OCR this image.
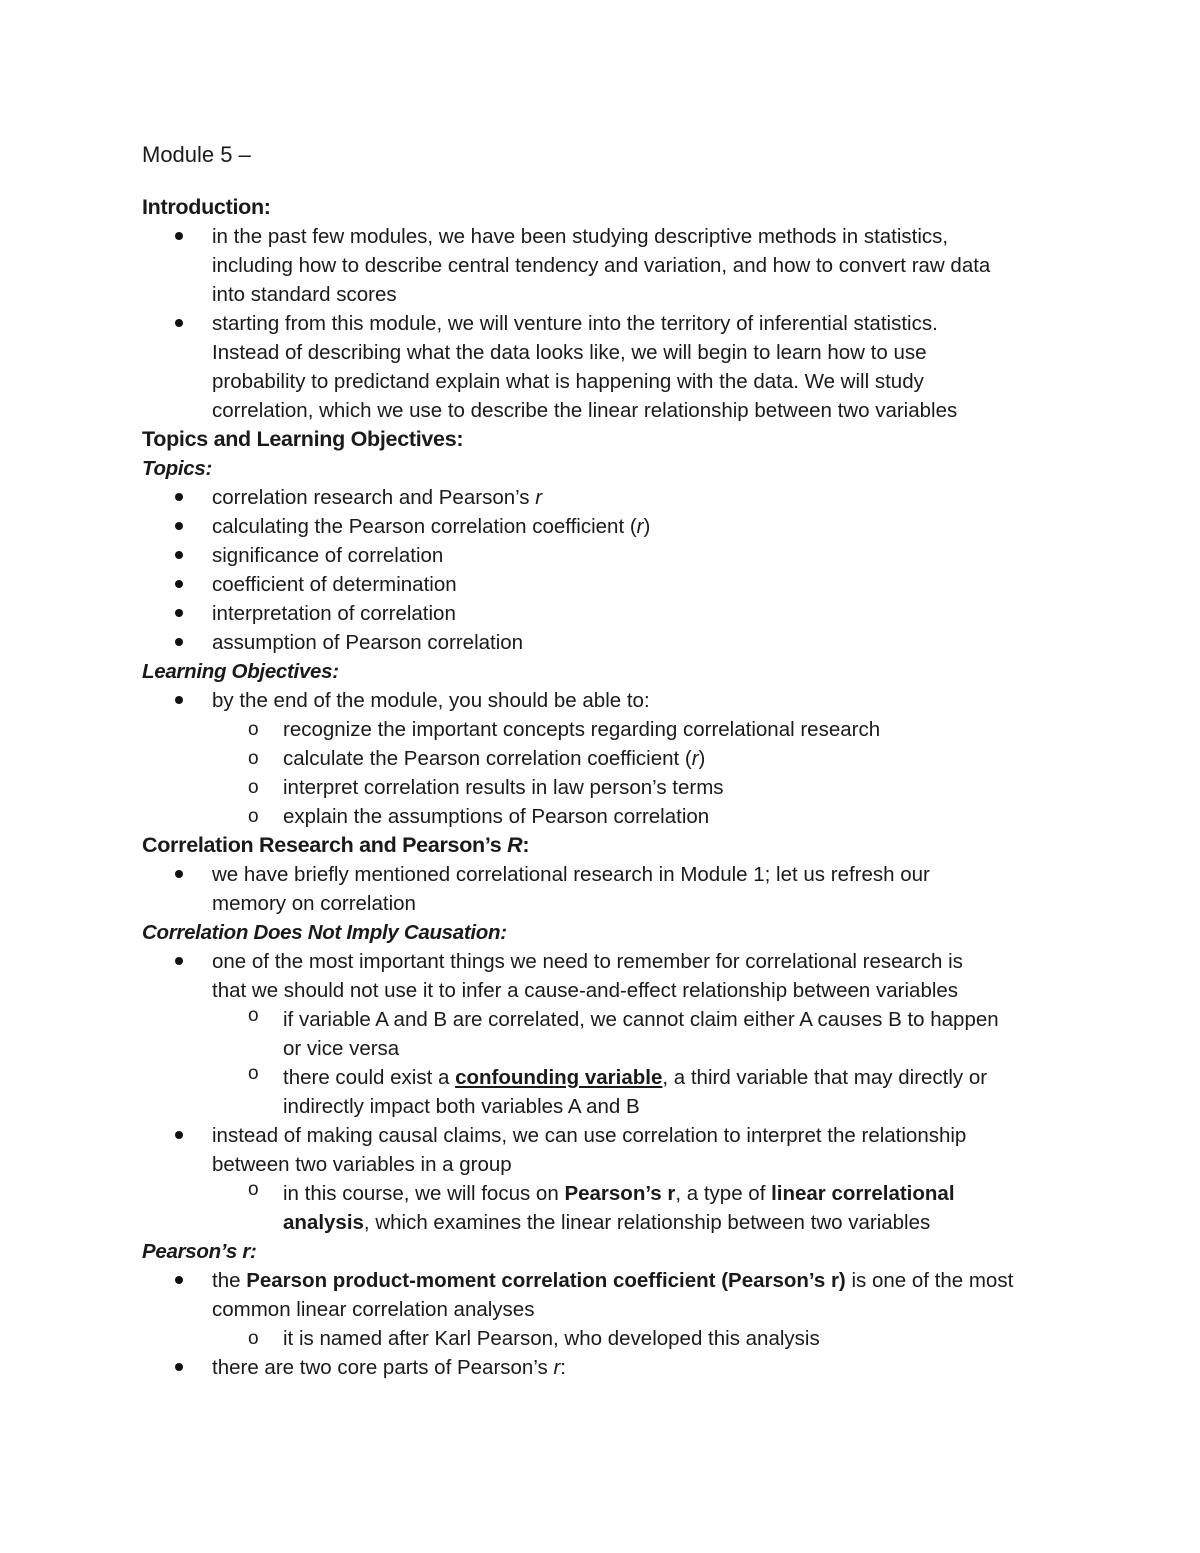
Module 5 –
Introduction:
in the past few modules, we have been studying descriptive methods in statistics,
including how to describe central tendency and variation, and how to convert raw data
into standard scores
starting from this module, we will venture into the territory of inferential statistics.
Instead of describing what the data looks like, we will begin to learn how to use
probability to predictand explain what is happening with the data. We will study
correlation, which we use to describe the linear relationship between two variables
Topics and Learning Objectives:
Topics:
correlation research and Pearson’s r
calculating the Pearson correlation coefficient (r)
significance of correlation
coefficient of determination
interpretation of correlation
assumption of Pearson correlation
Learning Objectives:
by the end of the module, you should be able to:
o recognize the important concepts regarding correlational research
o calculate the Pearson correlation coefficient (r)
o interpret correlation results in law person’s terms
o explain the assumptions of Pearson correlation
Correlation Research and Pearson’s R:
we have briefly mentioned correlational research in Module 1; let us refresh our
memory on correlation
Correlation Does Not Imply Causation:
one of the most important things we need to remember for correlational research is
that we should not use it to infer a cause-and-effect relationship between variables
o if variable A and B are correlated, we cannot claim either A causes B to happen
or vice versa
o there could exist a confounding variable, a third variable that may directly or
indirectly impact both variables A and B
instead of making causal claims, we can use correlation to interpret the relationship
between two variables in a group
o in this course, we will focus on Pearson’s r, a type of linear correlational
analysis, which examines the linear relationship between two variables
Pearson’s r:
the Pearson product-moment correlation coefficient (Pearson’s r) is one of the most
common linear correlation analyses
o it is named after Karl Pearson, who developed this analysis
there are two core parts of Pearson’s r:
